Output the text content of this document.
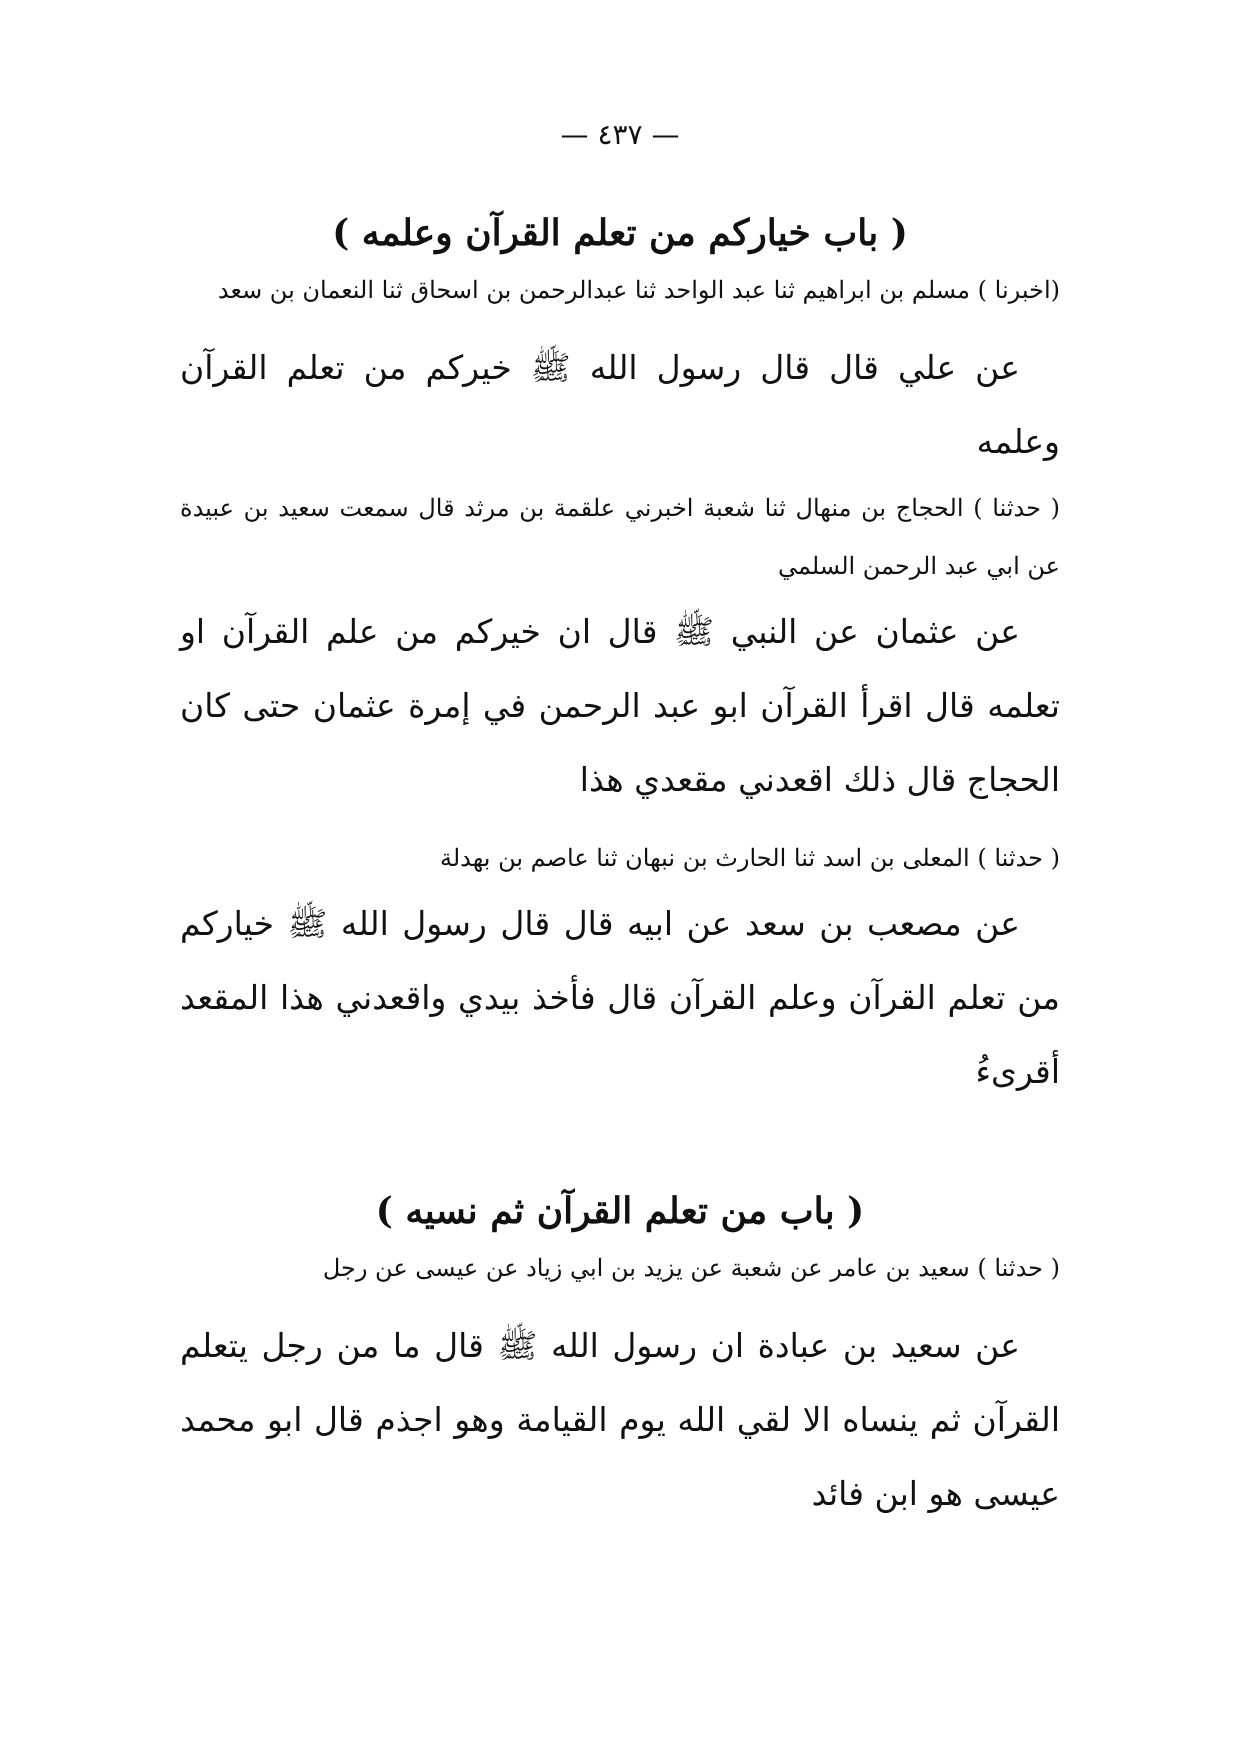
— ٤٣٧ —
( باب خياركم من تعلم القرآن وعلمه )

(اخبرنا ) مسلم بن ابراهيم ثنا عبد الواحد ثنا عبدالرحمن بن اسحاق ثنا النعمان بن سعد

عن علي قال قال رسول الله ﷺ خيركم من تعلم القرآن وعلمه

( حدثنا ) الحجاج بن منهال ثنا شعبة اخبرني علقمة بن مرثد قال سمعت سعيد بن عبيدة عن ابي عبد الرحمن السلمي

عن عثمان عن النبي ﷺ قال ان خيركم من علم القرآن او تعلمه قال اقرأ القرآن ابو عبد الرحمن في إمرة عثمان حتى كان الحجاج قال ذلك اقعدني مقعدي هذا

( حدثنا ) المعلى بن اسد ثنا الحارث بن نبهان ثنا عاصم بن بهدلة

عن مصعب بن سعد عن ابيه قال قال رسول الله ﷺ خياركم من تعلم القرآن وعلم القرآن قال فأخذ بيدي واقعدني هذا المقعد أقرىءُ

( باب من تعلم القرآن ثم نسيه )

( حدثنا ) سعيد بن عامر عن شعبة عن يزيد بن ابي زياد عن عيسى عن رجل

عن سعيد بن عبادة ان رسول الله ﷺ قال ما من رجل يتعلم القرآن ثم ينساه الا لقي الله يوم القيامة وهو اجذم قال ابو محمد عيسى هو ابن فائد
